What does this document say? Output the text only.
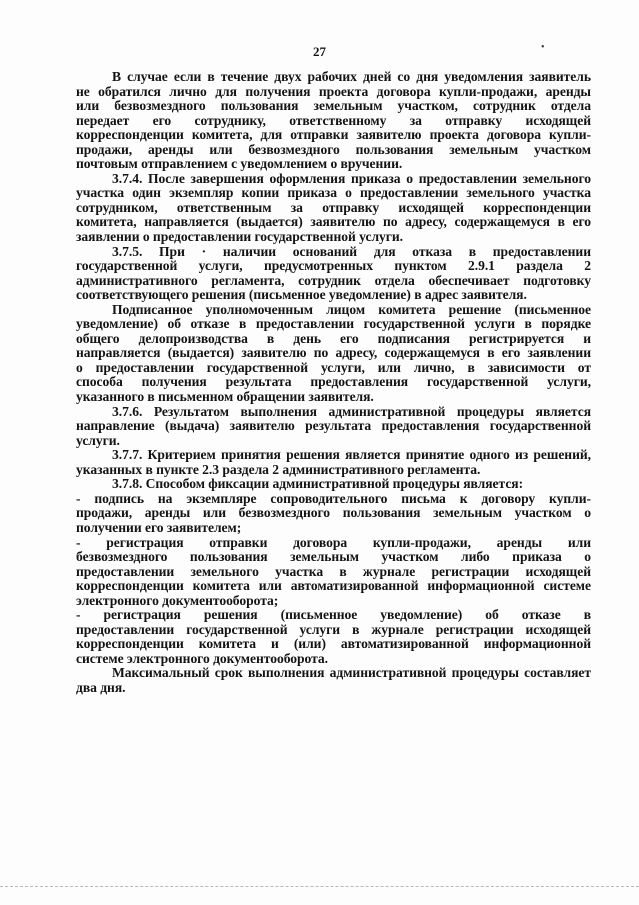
27	•
В случае если в течение двух рабочих дней со дня уведомления заявитель
не обратился лично для получения проекта договора купли-продажи, аренды
или безвозмездного пользования земельным участком, сотрудник отдела
передает его сотруднику, ответственному за отправку исходящей
корреспонденции комитета, для отправки заявителю проекта договора купли-
продажи, аренды или безвозмездного пользования земельным участком
почтовым отправлением с уведомлением о вручении.
3.7.4. После завершения оформления приказа о предоставлении земельного
участка один экземпляр копии приказа о предоставлении земельного участка
сотрудником, ответственным за отправку исходящей корреспонденции
комитета, направляется (выдается) заявителю по адресу, содержащемуся в его
заявлении о предоставлении государственной услуги.
3.7.5. При · наличии оснований для отказа в предоставлении
государственной услуги, предусмотренных пунктом 2.9.1 раздела 2
административного регламента, сотрудник отдела обеспечивает подготовку
соответствующего решения (письменное уведомление) в адрес заявителя.
Подписанное уполномоченным лицом комитета решение (письменное
уведомление) об отказе в предоставлении государственной услуги в порядке
общего делопроизводства в день его подписания регистрируется и
направляется (выдается) заявителю по адресу, содержащемуся в его заявлении
о предоставлении государственной услуги, или лично, в зависимости от
способа получения результата предоставления государственной услуги,
указанного в письменном обращении заявителя.
3.7.6. Результатом выполнения административной процедуры является
направление (выдача) заявителю результата предоставления государственной
услуги.
3.7.7. Критерием принятия решения является принятие одного из решений,
указанных в пункте 2.3 раздела 2 административного регламента.
3.7.8. Способом фиксации административной процедуры является:
- подпись на экземпляре сопроводительного письма к договору купли-
продажи, аренды или безвозмездного пользования земельным участком о
получении его заявителем;
- регистрация отправки договора купли-продажи, аренды или
безвозмездного пользования земельным участком либо приказа о
предоставлении земельного участка в журнале регистрации исходящей
корреспонденции комитета или автоматизированной информационной системе
электронного документооборота;
- регистрация решения (письменное уведомление) об отказе в
предоставлении государственной услуги в журнале регистрации исходящей
корреспонденции комитета и (или) автоматизированной информационной
системе электронного документооборота.
Максимальный срок выполнения административной процедуры составляет
два дня.
